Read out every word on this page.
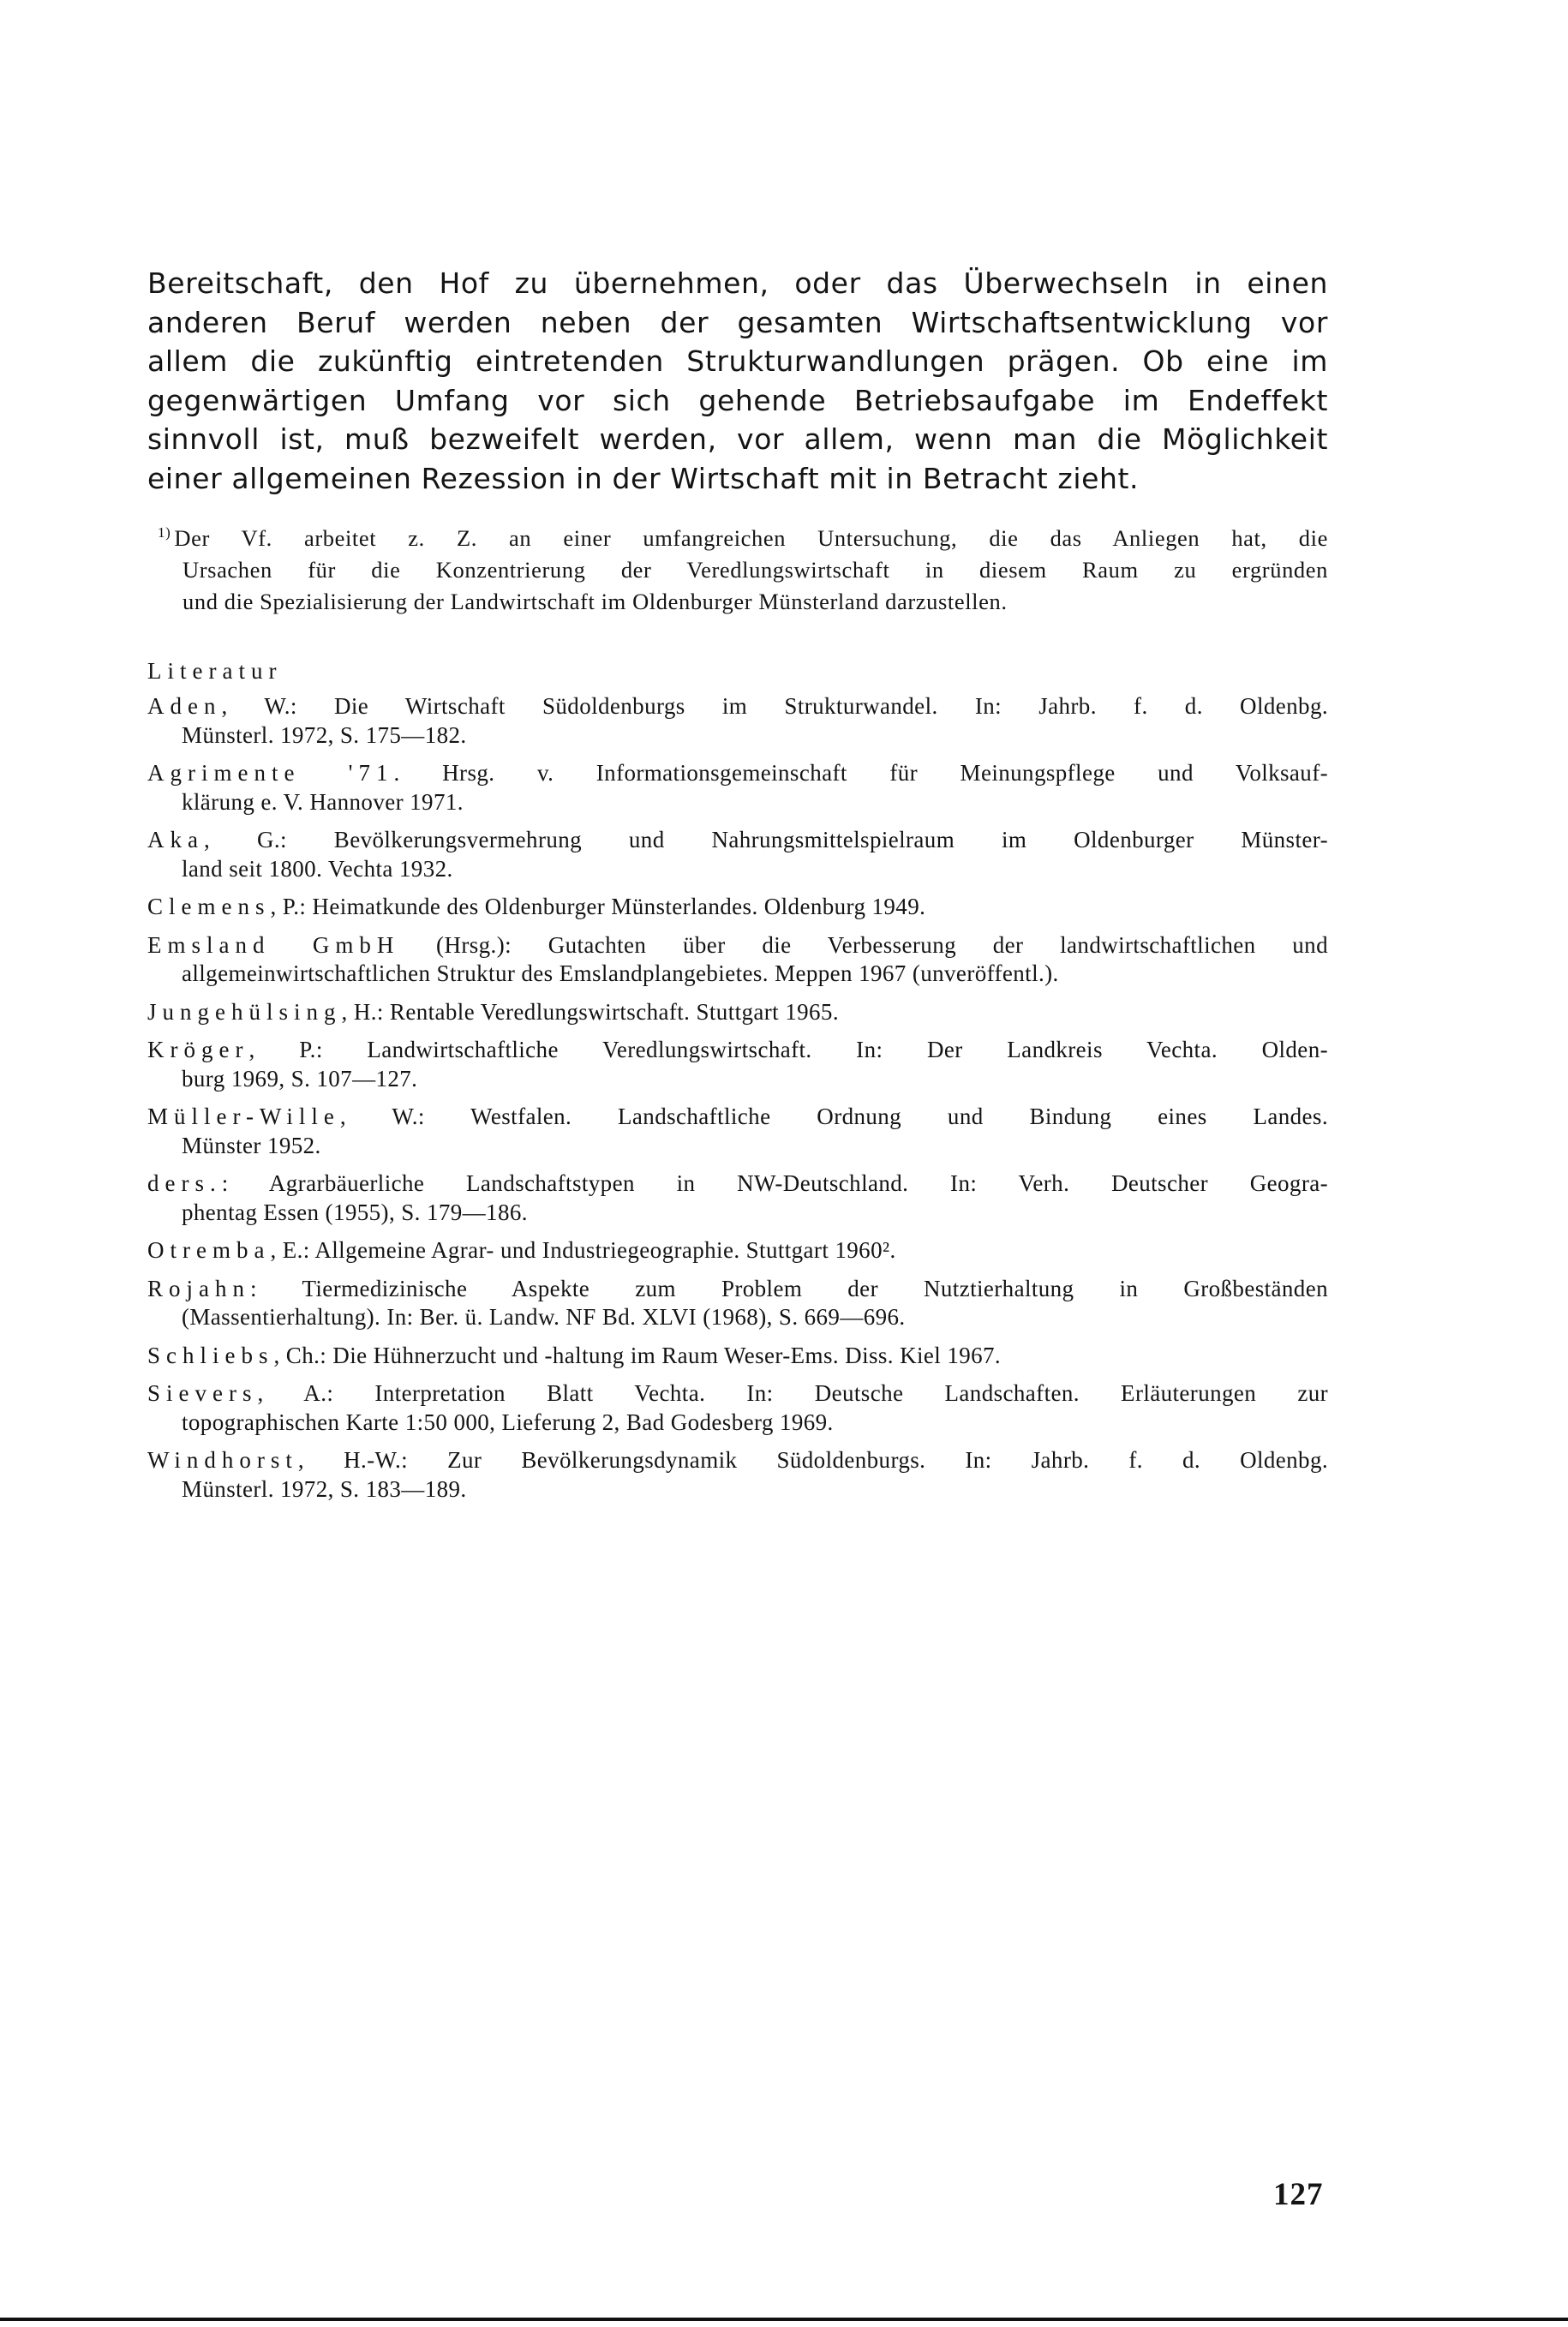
Bereitschaft, den Hof zu übernehmen, oder das Überwechseln in einen
anderen Beruf werden neben der gesamten Wirtschaftsentwicklung vor
allem die zukünftig eintretenden Strukturwandlungen prägen. Ob eine im
gegenwärtigen Umfang vor sich gehende Betriebsaufgabe im Endeffekt
sinnvoll ist, muß bezweifelt werden, vor allem, wenn man die Möglichkeit
einer allgemeinen Rezession in der Wirtschaft mit in Betracht zieht.
$^{1)}$ Der Vf. arbeitet z. Z. an einer umfangreichen Untersuchung, die das Anliegen hat, die
Ursachen für die Konzentrierung der Veredlungswirtschaft in diesem Raum zu ergründen
und die Spezialisierung der Landwirtschaft im Oldenburger Münsterland darzustellen.
Literatur
Aden, W.: Die Wirtschaft Südoldenburgs im Strukturwandel. In: Jahrb. f. d. Oldenbg.
Münsterl. 1972, S. 175—182.
Agrimente '71. Hrsg. v. Informationsgemeinschaft für Meinungspflege und Volksauf-
klärung e. V. Hannover 1971.
Aka, G.: Bevölkerungsvermehrung und Nahrungsmittelspielraum im Oldenburger Münster-
land seit 1800. Vechta 1932.
Clemens, P.: Heimatkunde des Oldenburger Münsterlandes. Oldenburg 1949.
Emsland GmbH (Hrsg.): Gutachten über die Verbesserung der landwirtschaftlichen und
allgemeinwirtschaftlichen Struktur des Emslandplangebietes. Meppen 1967 (unveröffentl.).
Jungehülsing, H.: Rentable Veredlungswirtschaft. Stuttgart 1965.
Kröger, P.: Landwirtschaftliche Veredlungswirtschaft. In: Der Landkreis Vechta. Olden-
burg 1969, S. 107—127.
Müller-Wille, W.: Westfalen. Landschaftliche Ordnung und Bindung eines Landes.
Münster 1952.
ders.: Agrarbäuerliche Landschaftstypen in NW-Deutschland. In: Verh. Deutscher Geogra-
phentag Essen (1955), S. 179—186.
Otremba, E.: Allgemeine Agrar- und Industriegeographie. Stuttgart 1960².
Rojahn: Tiermedizinische Aspekte zum Problem der Nutztierhaltung in Großbeständen
(Massentierhaltung). In: Ber. ü. Landw. NF Bd. XLVI (1968), S. 669—696.
Schliebs, Ch.: Die Hühnerzucht und -haltung im Raum Weser-Ems. Diss. Kiel 1967.
Sievers, A.: Interpretation Blatt Vechta. In: Deutsche Landschaften. Erläuterungen zur
topographischen Karte 1:50 000, Lieferung 2, Bad Godesberg 1969.
Windhorst, H.-W.: Zur Bevölkerungsdynamik Südoldenburgs. In: Jahrb. f. d. Oldenbg.
Münsterl. 1972, S. 183—189.
127
